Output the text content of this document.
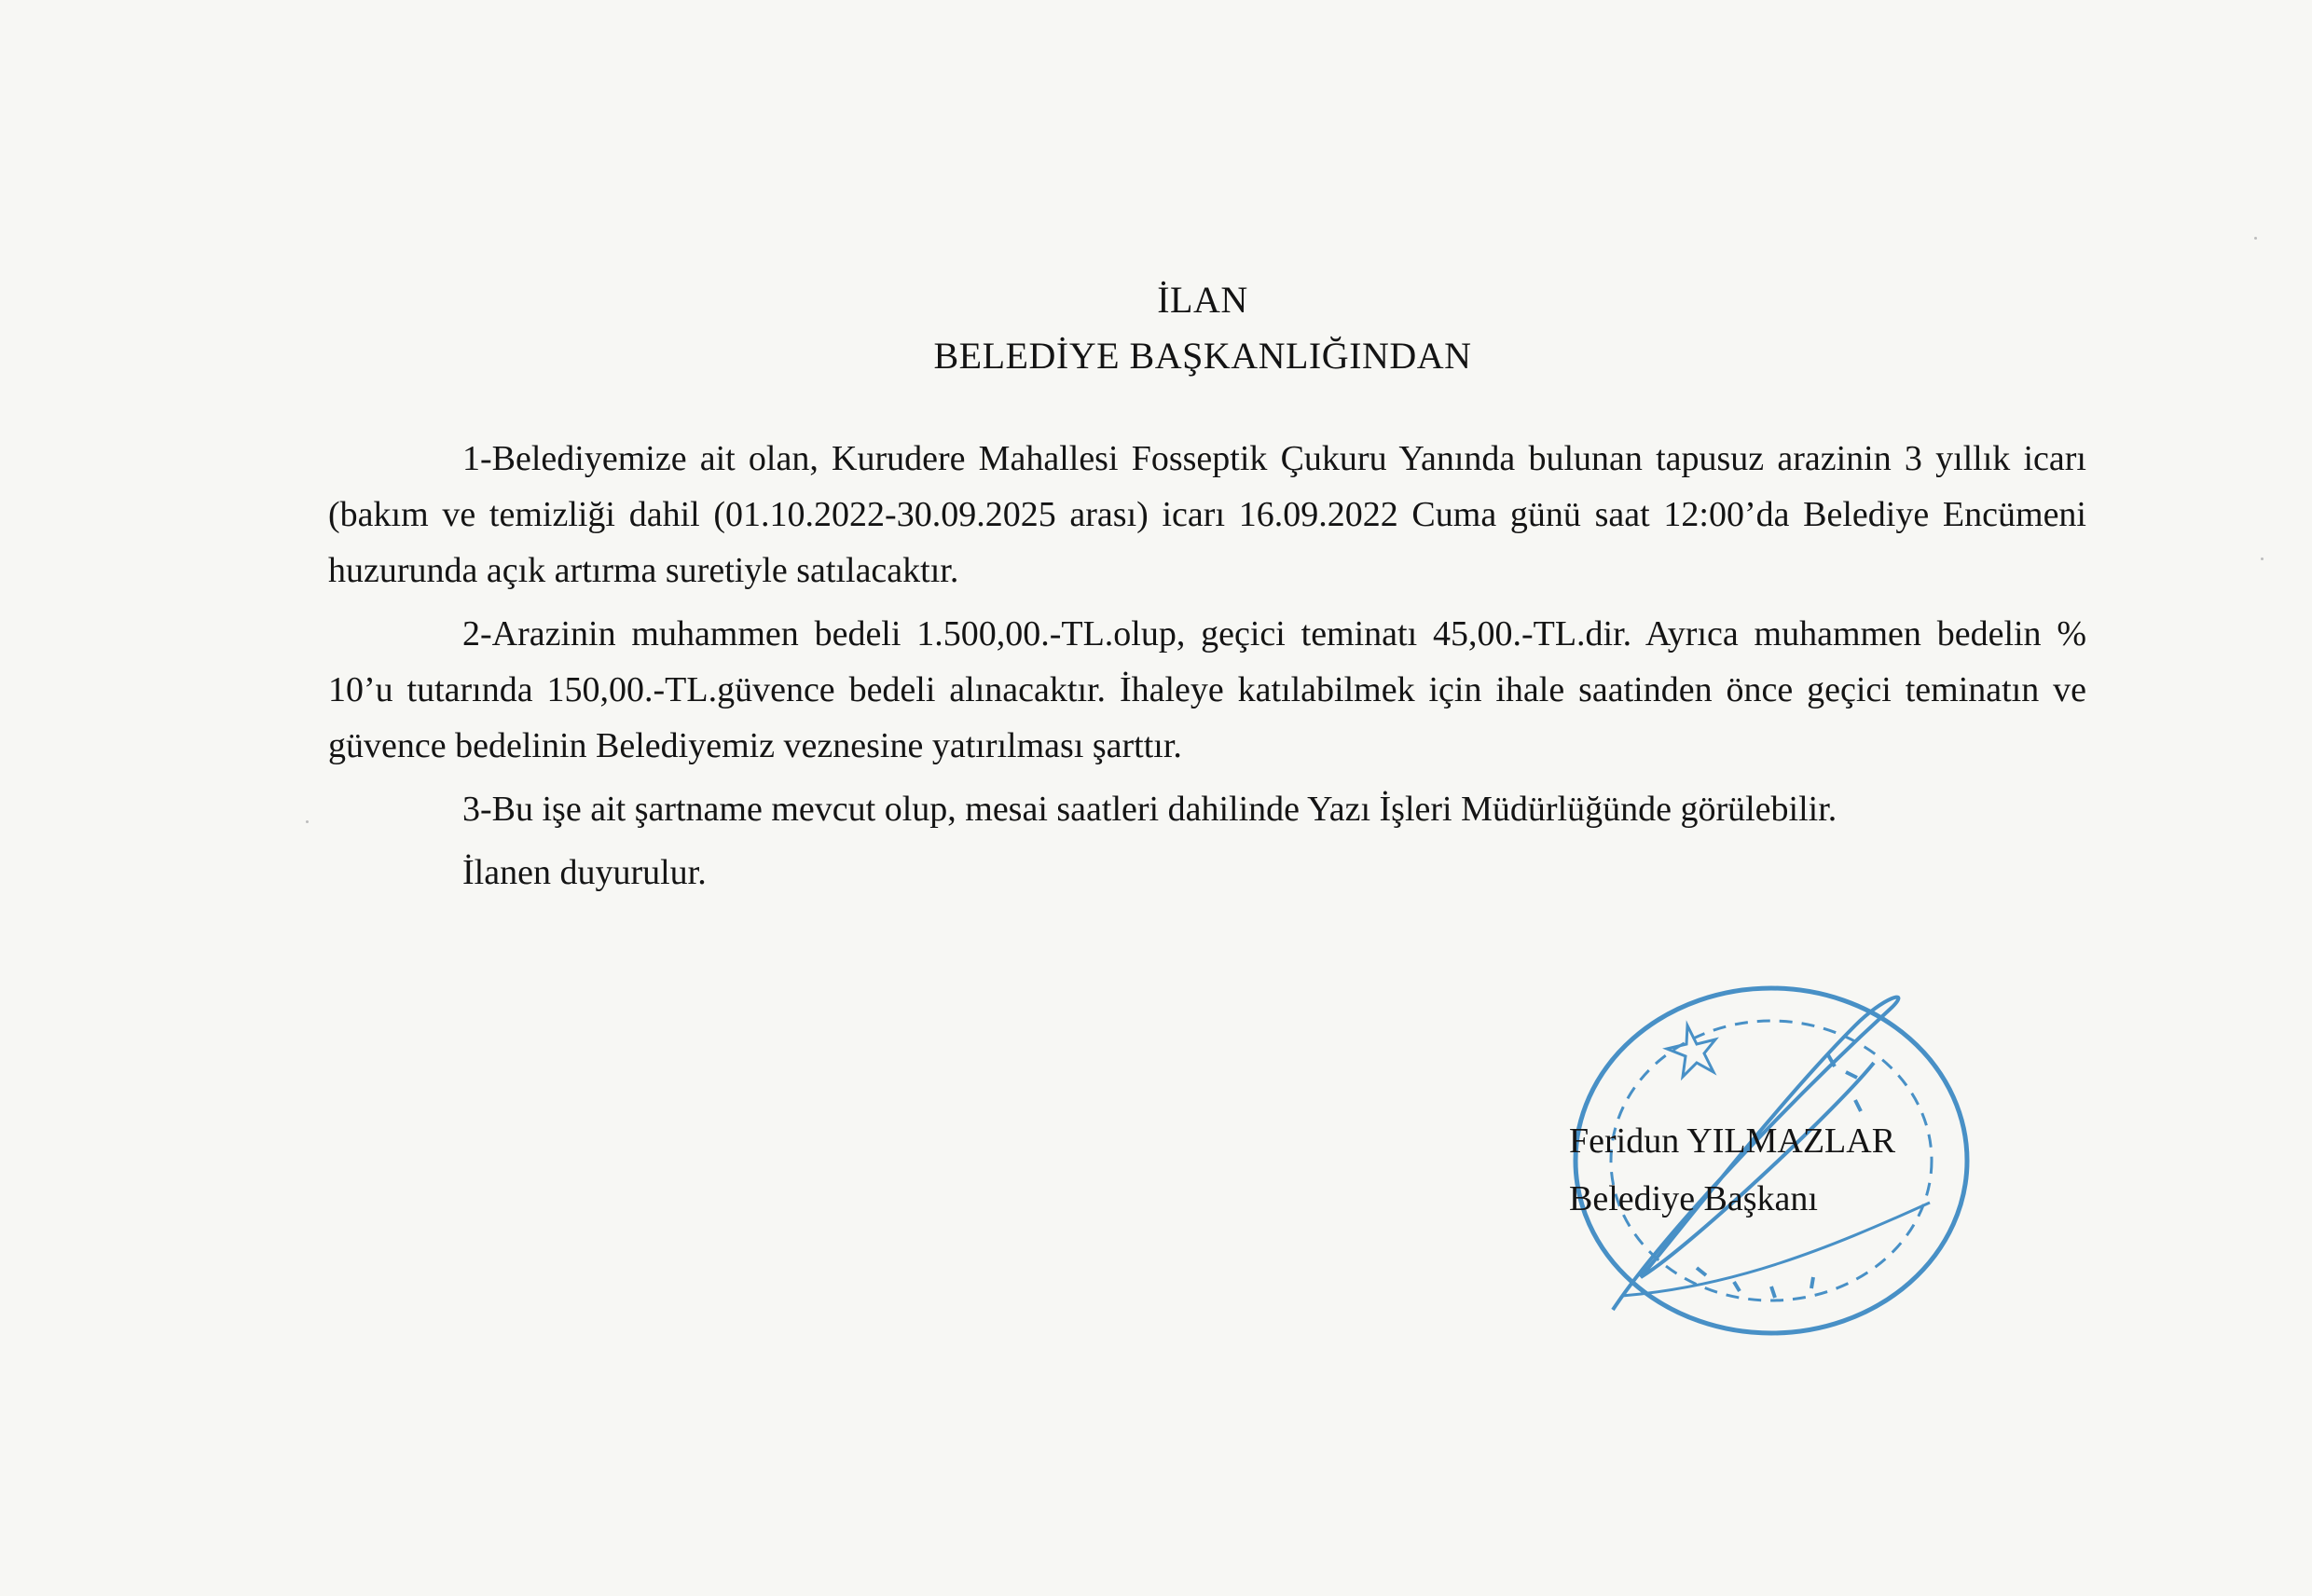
İLAN
BELEDİYE BAŞKANLIĞINDAN

1-Belediyemize ait olan, Kurudere Mahallesi Fosseptik Çukuru Yanında bulunan tapusuz arazinin 3 yıllık icarı (bakım ve temizliği dahil (01.10.2022-30.09.2025 arası) icarı 16.09.2022 Cuma günü saat 12:00’da Belediye Encümeni huzurunda açık artırma suretiyle satılacaktır.

2-Arazinin muhammen bedeli 1.500,00.-TL.olup, geçici teminatı 45,00.-TL.dir. Ayrıca muhammen bedelin % 10’u tutarında 150,00.-TL.güvence bedeli alınacaktır. İhaleye katılabilmek için ihale saatinden önce geçici teminatın ve güvence bedelinin Belediyemiz veznesine yatırılması şarttır.

3-Bu işe ait şartname mevcut olup, mesai saatleri dahilinde Yazı İşleri Müdürlüğünde görülebilir.

İlanen duyurulur.

Feridun YILMAZLAR
Belediye Başkanı
